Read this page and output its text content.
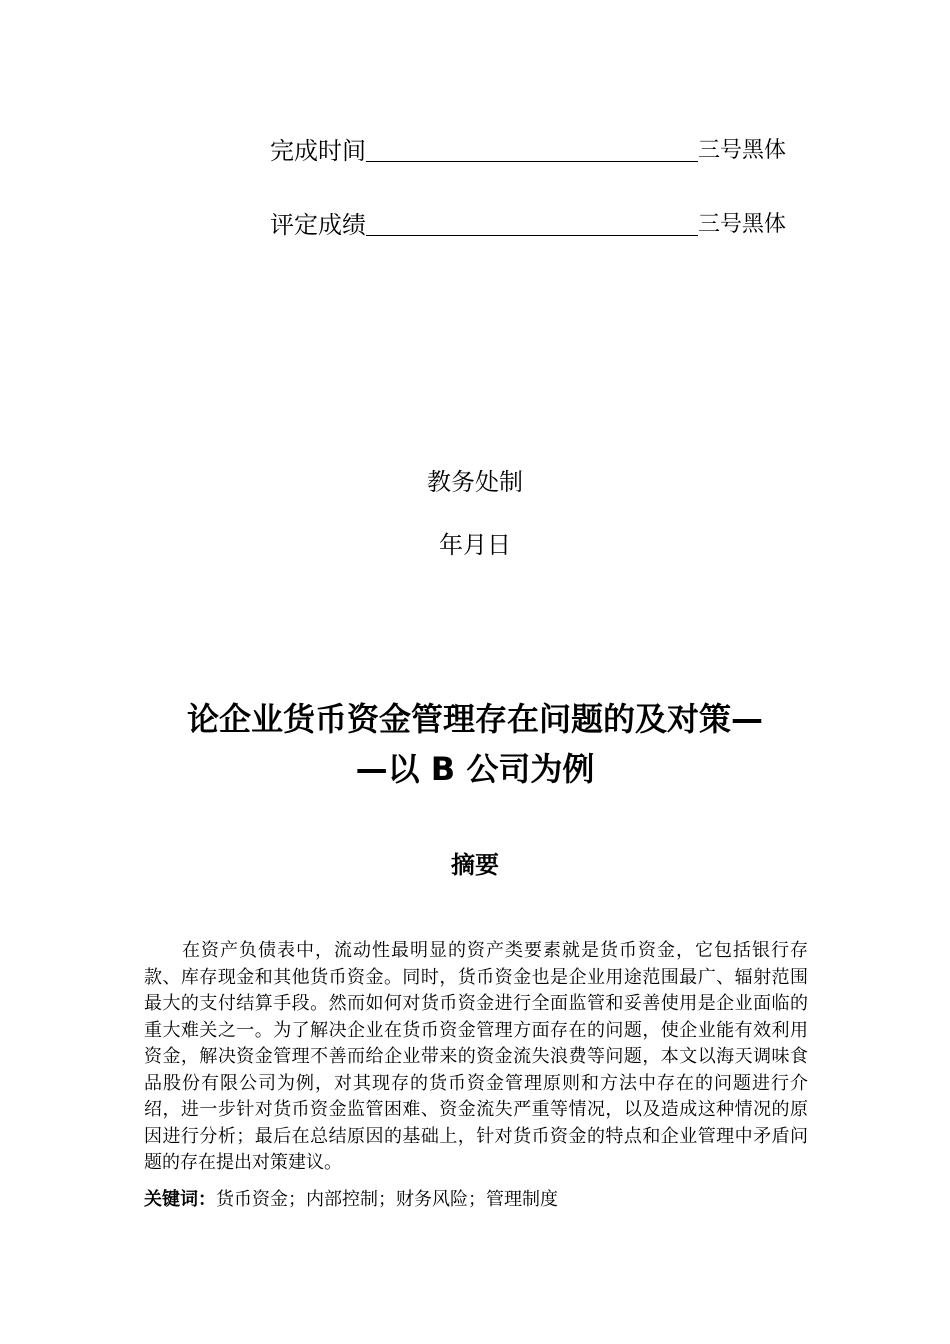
完成时间	三号黑体
评定成绩	三号黑体
教务处制
年月日
论企业货币资金管理存在问题的及对策—
—以 B 公司为例
摘要

在资产负债表中，流动性最明显的资产类要素就是货币资金，它包括银行存款、库存现金和其他货币资金。同时，货币资金也是企业用途范围最广、辐射范围最大的支付结算手段。然而如何对货币资金进行全面监管和妥善使用是企业面临的重大难关之一。为了解决企业在货币资金管理方面存在的问题，使企业能有效利用资金，解决资金管理不善而给企业带来的资金流失浪费等问题，本文以海天调味食品股份有限公司为例，对其现存的货币资金管理原则和方法中存在的问题进行介绍，进一步针对货币资金监管困难、资金流失严重等情况，以及造成这种情况的原因进行分析；最后在总结原因的基础上，针对货币资金的特点和企业管理中矛盾问题的存在提出对策建议。

关键词：货币资金；内部控制；财务风险；管理制度
